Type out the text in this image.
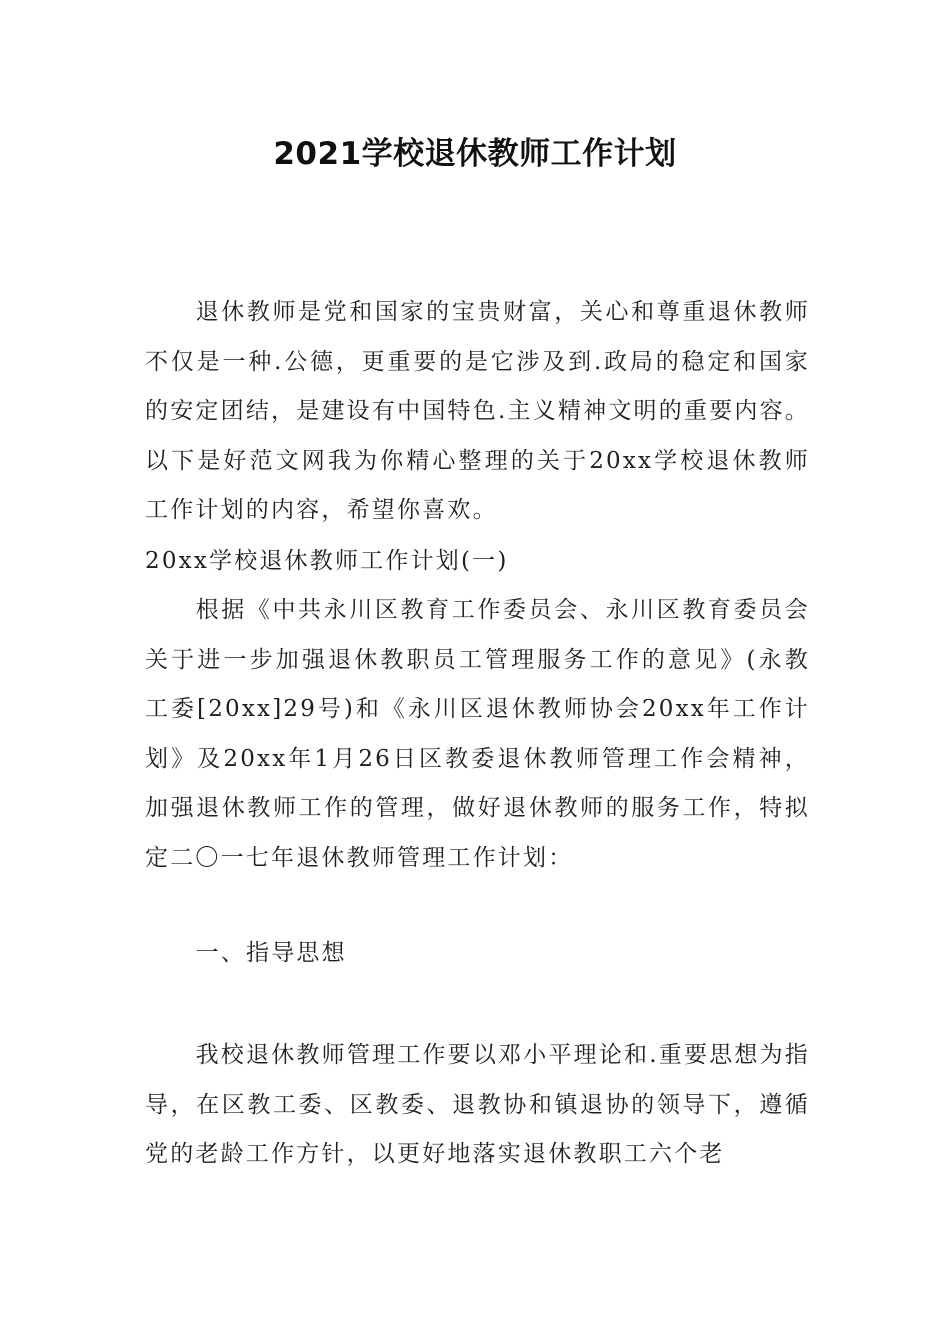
2021学校退休教师工作计划

退休教师是党和国家的宝贵财富，关心和尊重退休教师不仅是一种.公德，更重要的是它涉及到.政局的稳定和国家的安定团结，是建设有中国特色.主义精神文明的重要内容。以下是好范文网我为你精心整理的关于20xx学校退休教师工作计划的内容，希望你喜欢。

20xx学校退休教师工作计划(一)

根据《中共永川区教育工作委员会、永川区教育委员会关于进一步加强退休教职员工管理服务工作的意见》(永教工委[20xx]29号)和《永川区退休教师协会20xx年工作计划》及20xx年1月26日区教委退休教师管理工作会精神，加强退休教师工作的管理，做好退休教师的服务工作，特拟定二〇一七年退休教师管理工作计划：

一、指导思想

我校退休教师管理工作要以邓小平理论和.重要思想为指导，在区教工委、区教委、退教协和镇退协的领导下，遵循党的老龄工作方针，以更好地落实退休教职工六个老
